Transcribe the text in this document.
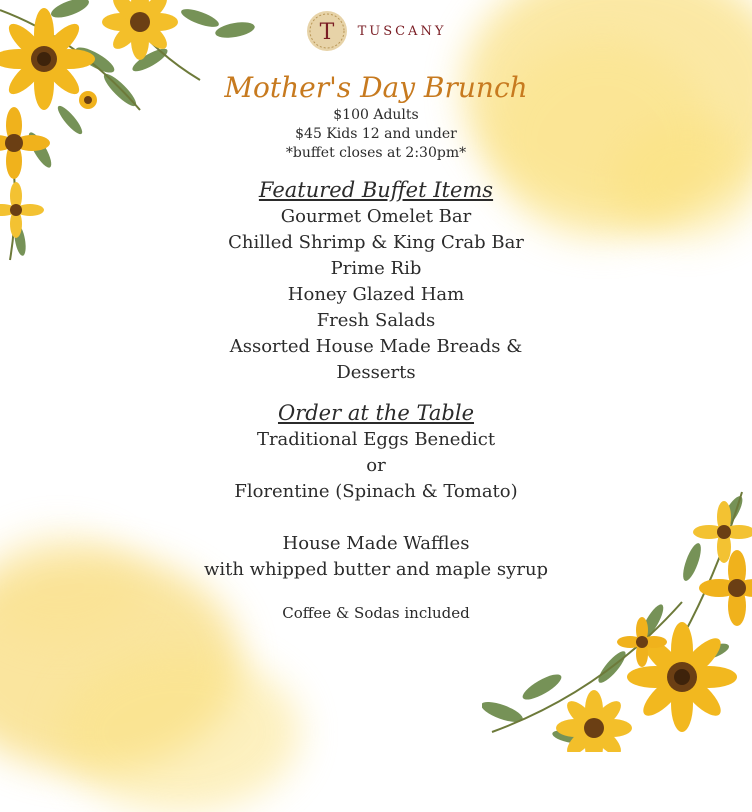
T TUSCANY

Mother's Day Brunch

$100 Adults

$45 Kids 12 and under

*buffet closes at 2:30pm*

Featured Buffet Items

Gourmet Omelet Bar

Chilled Shrimp & King Crab Bar

Prime Rib

Honey Glazed Ham

Fresh Salads

Assorted House Made Breads &

Desserts

Order at the Table

Traditional Eggs Benedict

or

Florentine (Spinach & Tomato)

House Made Waffles

with whipped butter and maple syrup

Coffee & Sodas included
